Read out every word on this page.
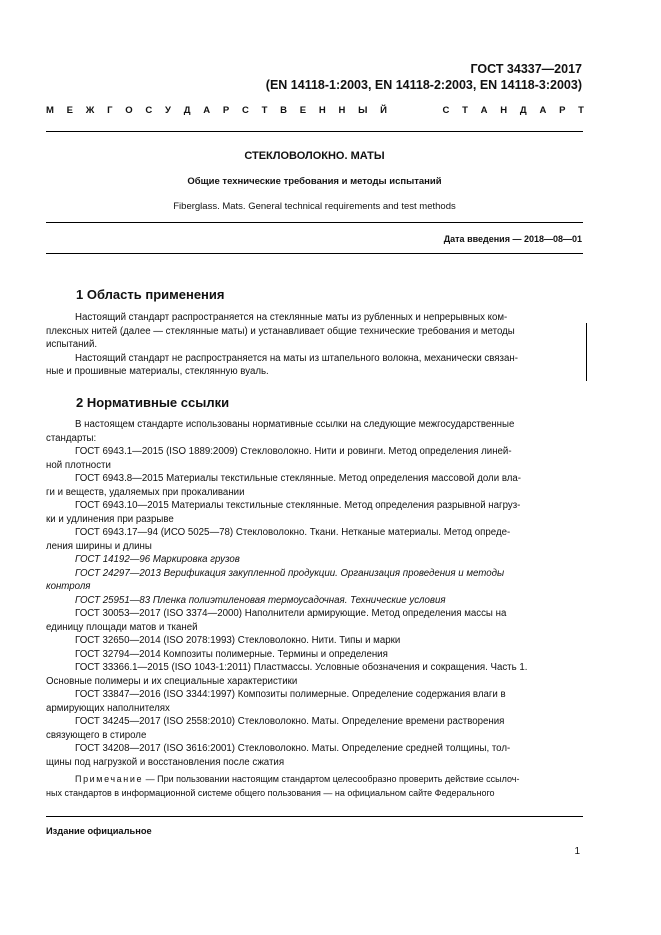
ГОСТ 34337—2017
(EN 14118-1:2003, EN 14118-2:2003, EN 14118-3:2003)
М Е Ж Г О С У Д А Р С Т В Е Н Н Ы Й	С Т А Н Д А Р Т
СТЕКЛОВОЛОКНО. МАТЫ
Общие технические требования и методы испытаний
Fiberglass. Mats. General technical requirements and test methods
Дата введения — 2018—08—01
1 Область применения
Настоящий стандарт распространяется на стеклянные маты из рубленных и непрерывных ком-
плексных нитей (далее — стеклянные маты) и устанавливает общие технические требования и методы
испытаний.
Настоящий стандарт не распространяется на маты из штапельного волокна, механически связан-
ные и прошивные материалы, стеклянную вуаль.
2 Нормативные ссылки
В настоящем стандарте использованы нормативные ссылки на следующие межгосударственные
стандарты:
ГОСТ 6943.1—2015 (ISO 1889:2009) Стекловолокно. Нити и ровинги. Метод определения линей-
ной плотности
ГОСТ 6943.8—2015 Материалы текстильные стеклянные. Метод определения массовой доли вла-
ги и веществ, удаляемых при прокаливании
ГОСТ 6943.10—2015 Материалы текстильные стеклянные. Метод определения разрывной нагруз-
ки и удлинения при разрыве
ГОСТ 6943.17—94 (ИСО 5025—78) Стекловолокно. Ткани. Нетканые материалы. Метод опреде-
ления ширины и длины
ГОСТ 14192—96 Маркировка грузов
ГОСТ 24297—2013 Верификация закупленной продукции. Организация проведения и методы
контроля
ГОСТ 25951—83 Пленка полиэтиленовая термоусадочная. Технические условия
ГОСТ 30053—2017 (ISO 3374—2000) Наполнители армирующие. Метод определения массы на
единицу площади матов и тканей
ГОСТ 32650—2014 (ISO 2078:1993) Стекловолокно. Нити. Типы и марки
ГОСТ 32794—2014 Композиты полимерные. Термины и определения
ГОСТ 33366.1—2015 (ISO 1043-1:2011) Пластмассы. Условные обозначения и сокращения. Часть 1.
Основные полимеры и их специальные характеристики
ГОСТ 33847—2016 (ISO 3344:1997) Композиты полимерные. Определение содержания влаги в
армирующих наполнителях
ГОСТ 34245—2017 (ISO 2558:2010) Стекловолокно. Маты. Определение времени растворения
связующего в стироле
ГОСТ 34208—2017 (ISO 3616:2001) Стекловолокно. Маты. Определение средней толщины, тол-
щины под нагрузкой и восстановления после сжатия
Примечание — При пользовании настоящим стандартом целесообразно проверить действие ссылоч-
ных стандартов в информационной системе общего пользования — на официальном сайте Федерального
Издание официальное
1
